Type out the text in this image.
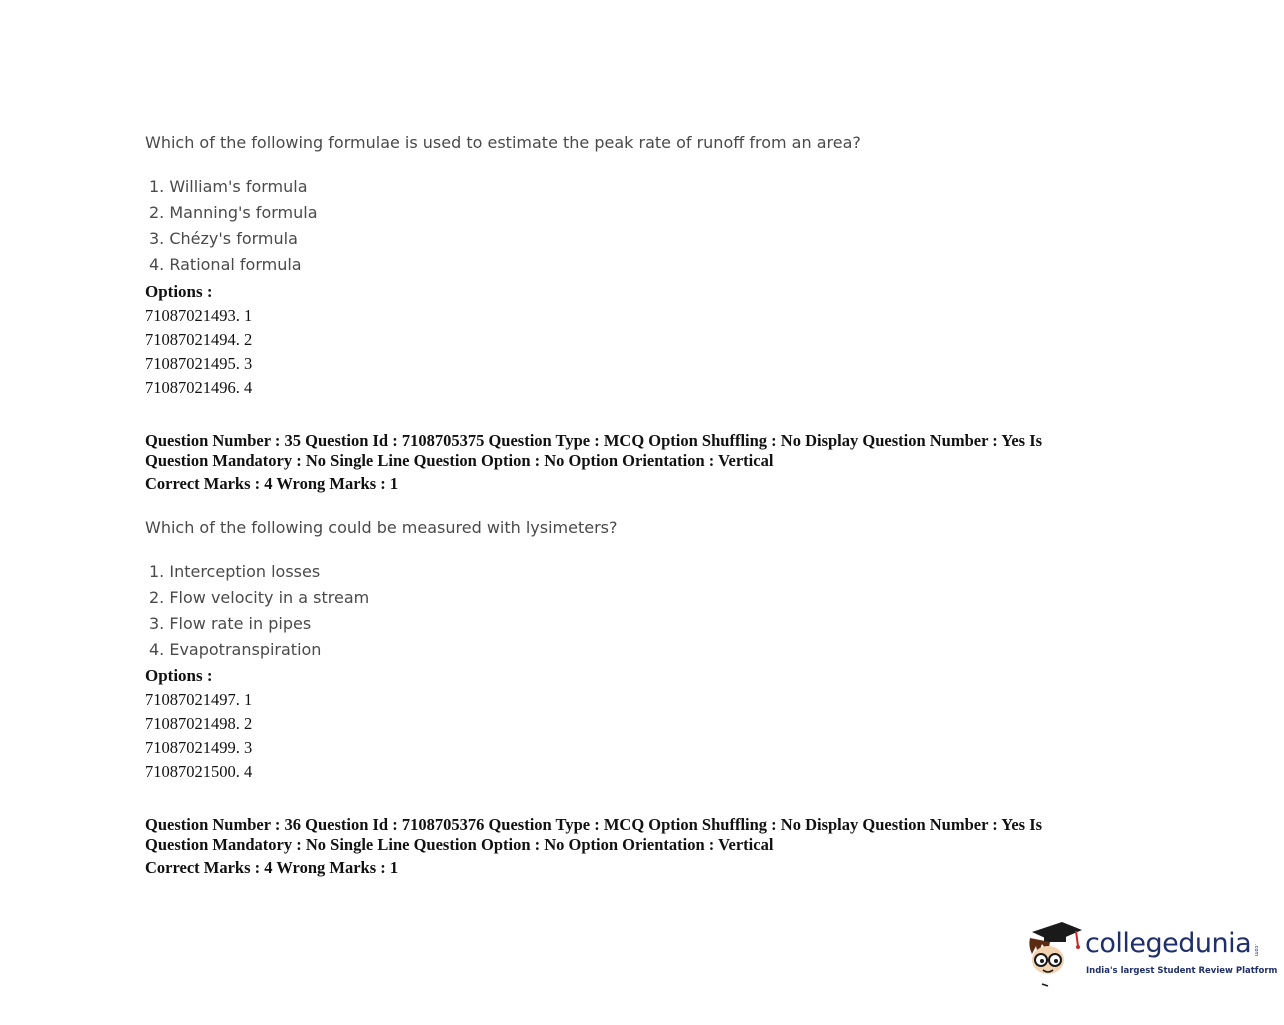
Which of the following formulae is used to estimate the peak rate of runoff from an area?
1. William's formula
2. Manning's formula
3. Chézy's formula
4. Rational formula
Options :
71087021493. 1
71087021494. 2
71087021495. 3
71087021496. 4
Question Number : 35 Question Id : 7108705375 Question Type : MCQ Option Shuffling : No Display Question Number : Yes Is Question Mandatory : No Single Line Question Option : No Option Orientation : Vertical
Correct Marks : 4 Wrong Marks : 1
Which of the following could be measured with lysimeters?
1. Interception losses
2. Flow velocity in a stream
3. Flow rate in pipes
4. Evapotranspiration
Options :
71087021497. 1
71087021498. 2
71087021499. 3
71087021500. 4
Question Number : 36 Question Id : 7108705376 Question Type : MCQ Option Shuffling : No Display Question Number : Yes Is Question Mandatory : No Single Line Question Option : No Option Orientation : Vertical
Correct Marks : 4 Wrong Marks : 1
collegedunia .com
India's largest Student Review Platform
